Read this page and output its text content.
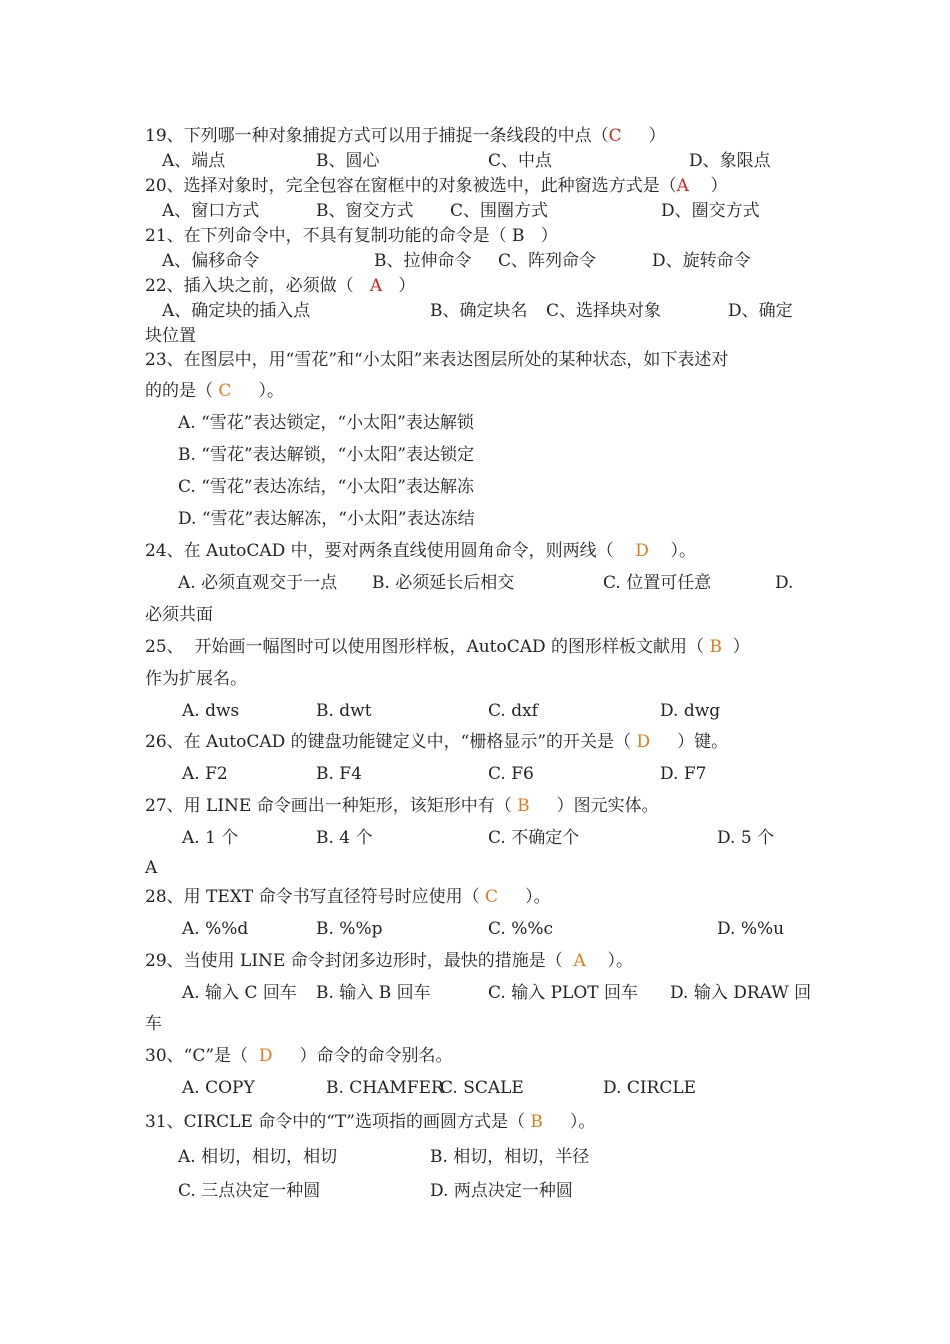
19、下列哪一种对象捕捉方式可以用于捕捉一条线段的中点（C     ）
A、端点	B、圆心	C、中点	D、象限点
20、选择对象时，完全包容在窗框中的对象被选中，此种窗选方式是（A    ）
A、窗口方式	B、窗交方式 C、围圈方式	D、圈交方式
21、在下列命令中，不具有复制功能的命令是（ B   ）
A、偏移命令	B、拉伸命令 C、阵列命令	D、旋转命令
22、插入块之前，必须做（   A   ）
A、确定块的插入点	B、确定块名 C、选择块对象	D、确定
块位置
23、在图层中，用“雪花”和“小太阳”来表达图层所处的某种状态，如下表述对
的的是（ C     ）。
A. “雪花”表达锁定，“小太阳”表达解锁
B. “雪花”表达解锁，“小太阳”表达锁定
C. “雪花”表达冻结，“小太阳”表达解冻
D. “雪花”表达解冻，“小太阳”表达冻结
24、在 AutoCAD 中，要对两条直线使用圆角命令，则两线（    D    ）。
A. 必须直观交于一点 B. 必须延长后相交	C. 位置可任意	D.
必须共面
25、  开始画一幅图时可以使用图形样板，AutoCAD 的图形样板文献用（ B  ）
作为扩展名。
A. dws	B. dwt	C. dxf	D. dwg
26、在 AutoCAD 的键盘功能键定义中，“栅格显示”的开关是（ D     ）键。
A. F2	B. F4	C. F6	D. F7
27、用 LINE 命令画出一种矩形，该矩形中有（ B     ）图元实体。
A. 1 个	B. 4 个	C. 不确定个	D. 5 个
A
28、用 TEXT 命令书写直径符号时应使用（ C     ）。
A. %%d	B. %%p	C. %%c	D. %%u
29、当使用 LINE 命令封闭多边形时，最快的措施是（  A    ）。
A. 输入 C 回车 B. 输入 B 回车	C. 输入 PLOT 回车 D. 输入 DRAW 回
车
30、“C”是（  D     ）命令的命令别名。
A. COPY	B. CHAMFER
C. SCALE	D. CIRCLE
31、CIRCLE 命令中的“T”选项指的画圆方式是（ B     ）。
A. 相切，相切，相切	B. 相切，相切，半径
C. 三点决定一种圆	D. 两点决定一种圆
